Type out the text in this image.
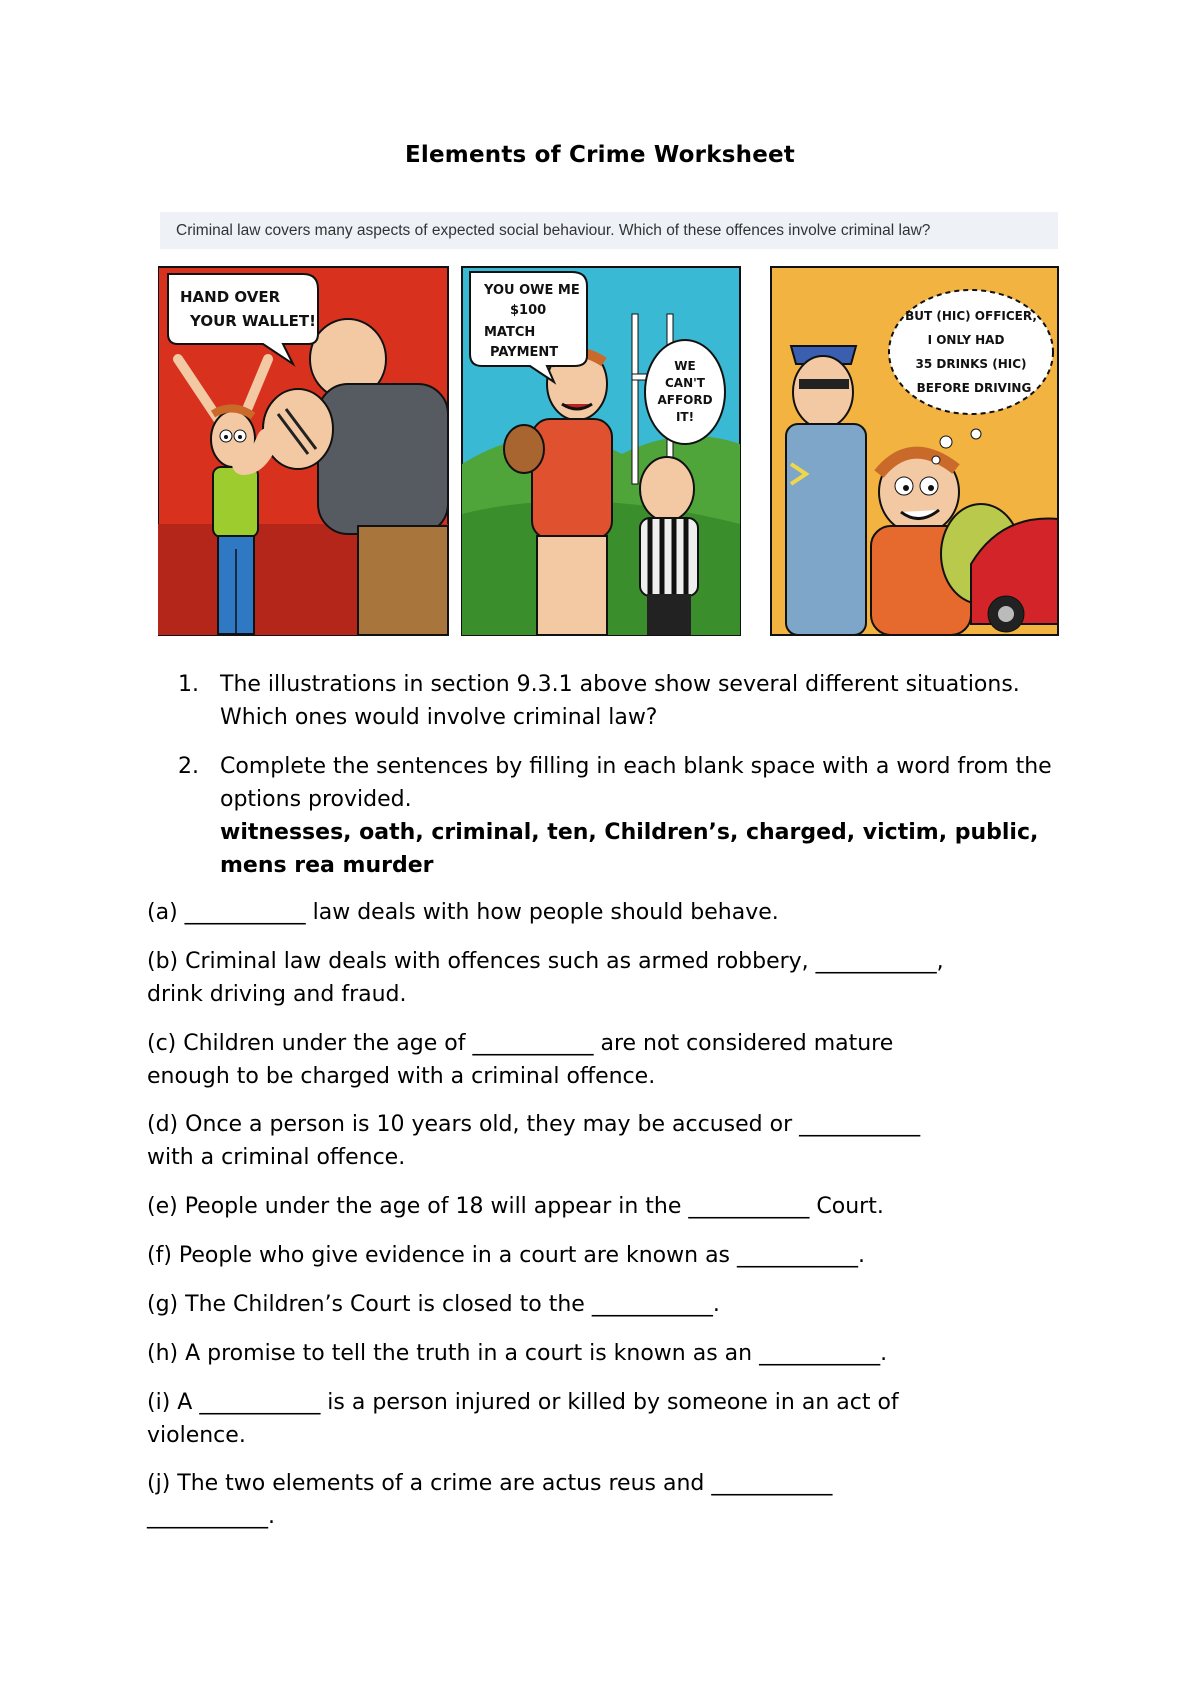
Elements of Crime Worksheet
Criminal law covers many aspects of expected social behaviour. Which of these offences involve criminal law?
HAND OVER
YOUR WALLET!
YOU OWE ME
$100
MATCH
PAYMENT
WE
CAN'T
AFFORD
IT!
BUT (HIC) OFFICER,
I ONLY HAD
35 DRINKS (HIC)
BEFORE DRIVING
1. The illustrations in section 9.3.1 above show several different situations. Which ones would involve criminal law?
2. Complete the sentences by filling in each blank space with a word from the options provided.
witnesses, oath, criminal, ten, Children’s, charged, victim, public, mens rea murder

(a) ___________ law deals with how people should behave.

(b) Criminal law deals with offences such as armed robbery, ___________,
drink driving and fraud.

(c) Children under the age of ___________ are not considered mature
enough to be charged with a criminal offence.

(d) Once a person is 10 years old, they may be accused or ___________
with a criminal offence.

(e) People under the age of 18 will appear in the ___________ Court.

(f) People who give evidence in a court are known as ___________.

(g) The Children’s Court is closed to the ___________.

(h) A promise to tell the truth in a court is known as an ___________.

(i) A ___________ is a person injured or killed by someone in an act of
violence.

(j) The two elements of a crime are actus reus and ___________
___________.
